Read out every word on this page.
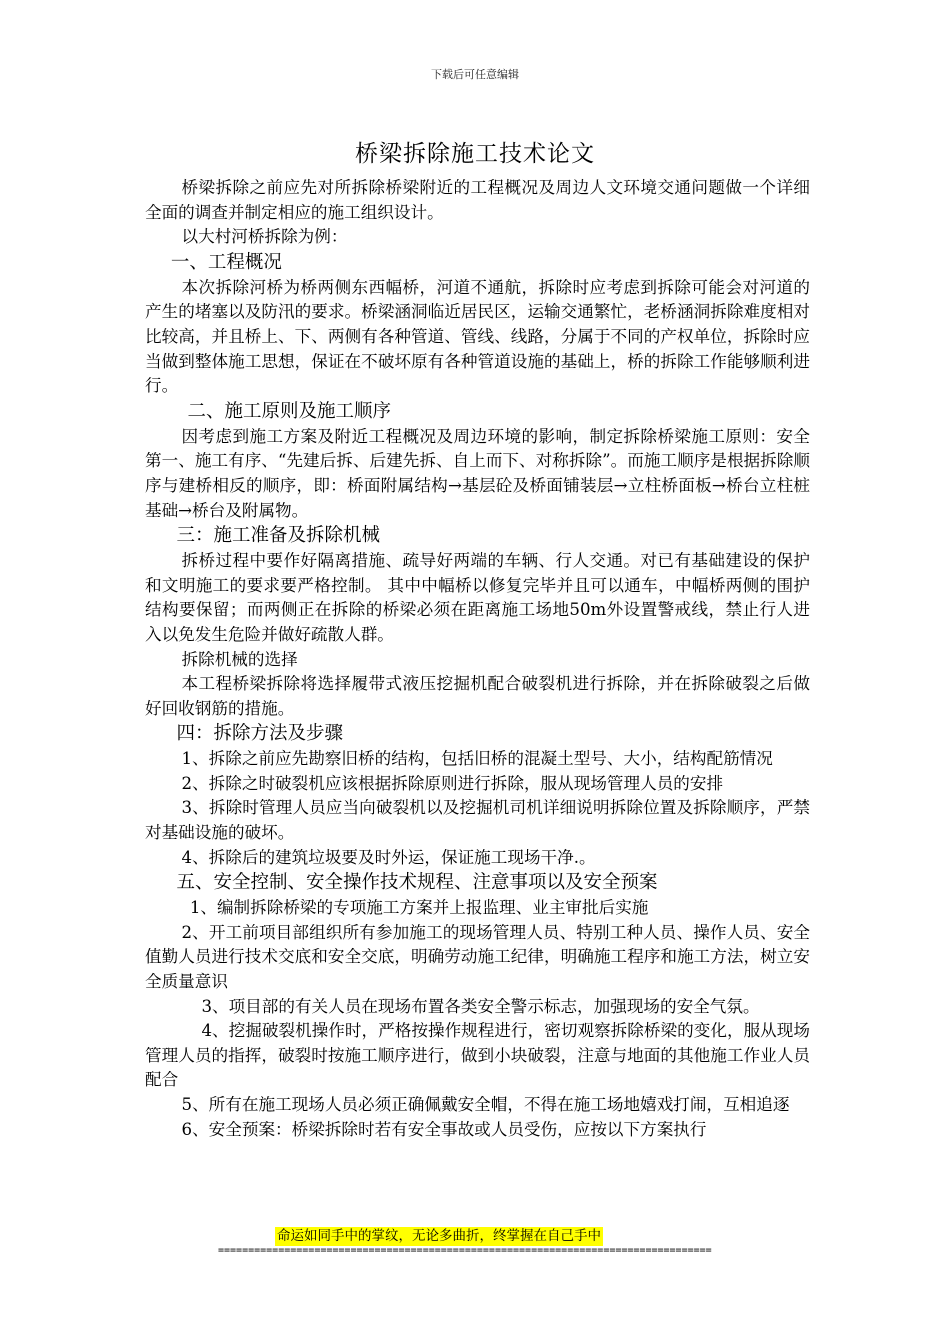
下载后可任意编辑
桥梁拆除施工技术论文

桥梁拆除之前应先对所拆除桥梁附近的工程概况及周边人文环境交通问题做一个详细全面的调查并制定相应的施工组织设计。

以大村河桥拆除为例：

一、工程概况

本次拆除河桥为桥两侧东西幅桥，河道不通航，拆除时应考虑到拆除可能会对河道的产生的堵塞以及防汛的要求。桥梁涵洞临近居民区，运输交通繁忙，老桥涵洞拆除难度相对比较高，并且桥上、下、两侧有各种管道、管线、线路，分属于不同的产权单位，拆除时应当做到整体施工思想，保证在不破坏原有各种管道设施的基础上，桥的拆除工作能够顺利进行。

二、施工原则及施工顺序

因考虑到施工方案及附近工程概况及周边环境的影响，制定拆除桥梁施工原则：安全第一、施工有序、“先建后拆、后建先拆、自上而下、对称拆除”。而施工顺序是根据拆除顺序与建桥相反的顺序，即：桥面附属结构→基层砼及桥面铺装层→立柱桥面板→桥台立柱桩基础→桥台及附属物。

三：施工准备及拆除机械

拆桥过程中要作好隔离措施、疏导好两端的车辆、行人交通。对已有基础建设的保护和文明施工的要求要严格控制。 其中中幅桥以修复完毕并且可以通车，中幅桥两侧的围护结构要保留；而两侧正在拆除的桥梁必须在距离施工场地50m外设置警戒线，禁止行人进入以免发生危险并做好疏散人群。

拆除机械的选择

本工程桥梁拆除将选择履带式液压挖掘机配合破裂机进行拆除，并在拆除破裂之后做好回收钢筋的措施。

四：拆除方法及步骤

1、拆除之前应先勘察旧桥的结构，包括旧桥的混凝土型号、大小，结构配筋情况

2、拆除之时破裂机应该根据拆除原则进行拆除，服从现场管理人员的安排

3、拆除时管理人员应当向破裂机以及挖掘机司机详细说明拆除位置及拆除顺序，严禁对基础设施的破坏。

4、拆除后的建筑垃圾要及时外运，保证施工现场干净.。

五、安全控制、安全操作技术规程、注意事项以及安全预案

1、编制拆除桥梁的专项施工方案并上报监理、业主审批后实施

2、开工前项目部组织所有参加施工的现场管理人员、特别工种人员、操作人员、安全值勤人员进行技术交底和安全交底，明确劳动施工纪律，明确施工程序和施工方法，树立安全质量意识

3、项目部的有关人员在现场布置各类安全警示标志，加强现场的安全气氛。

4、挖掘破裂机操作时，严格按操作规程进行，密切观察拆除桥梁的变化，服从现场管理人员的指挥，破裂时按施工顺序进行，做到小块破裂，注意与地面的其他施工作业人员配合

5、所有在施工现场人员必须正确佩戴安全帽，不得在施工场地嬉戏打闹，互相追逐

6、安全预案：桥梁拆除时若有安全事故或人员受伤，应按以下方案执行

命运如同手中的掌纹，无论多曲折，终掌握在自己手中
==================================================================================
